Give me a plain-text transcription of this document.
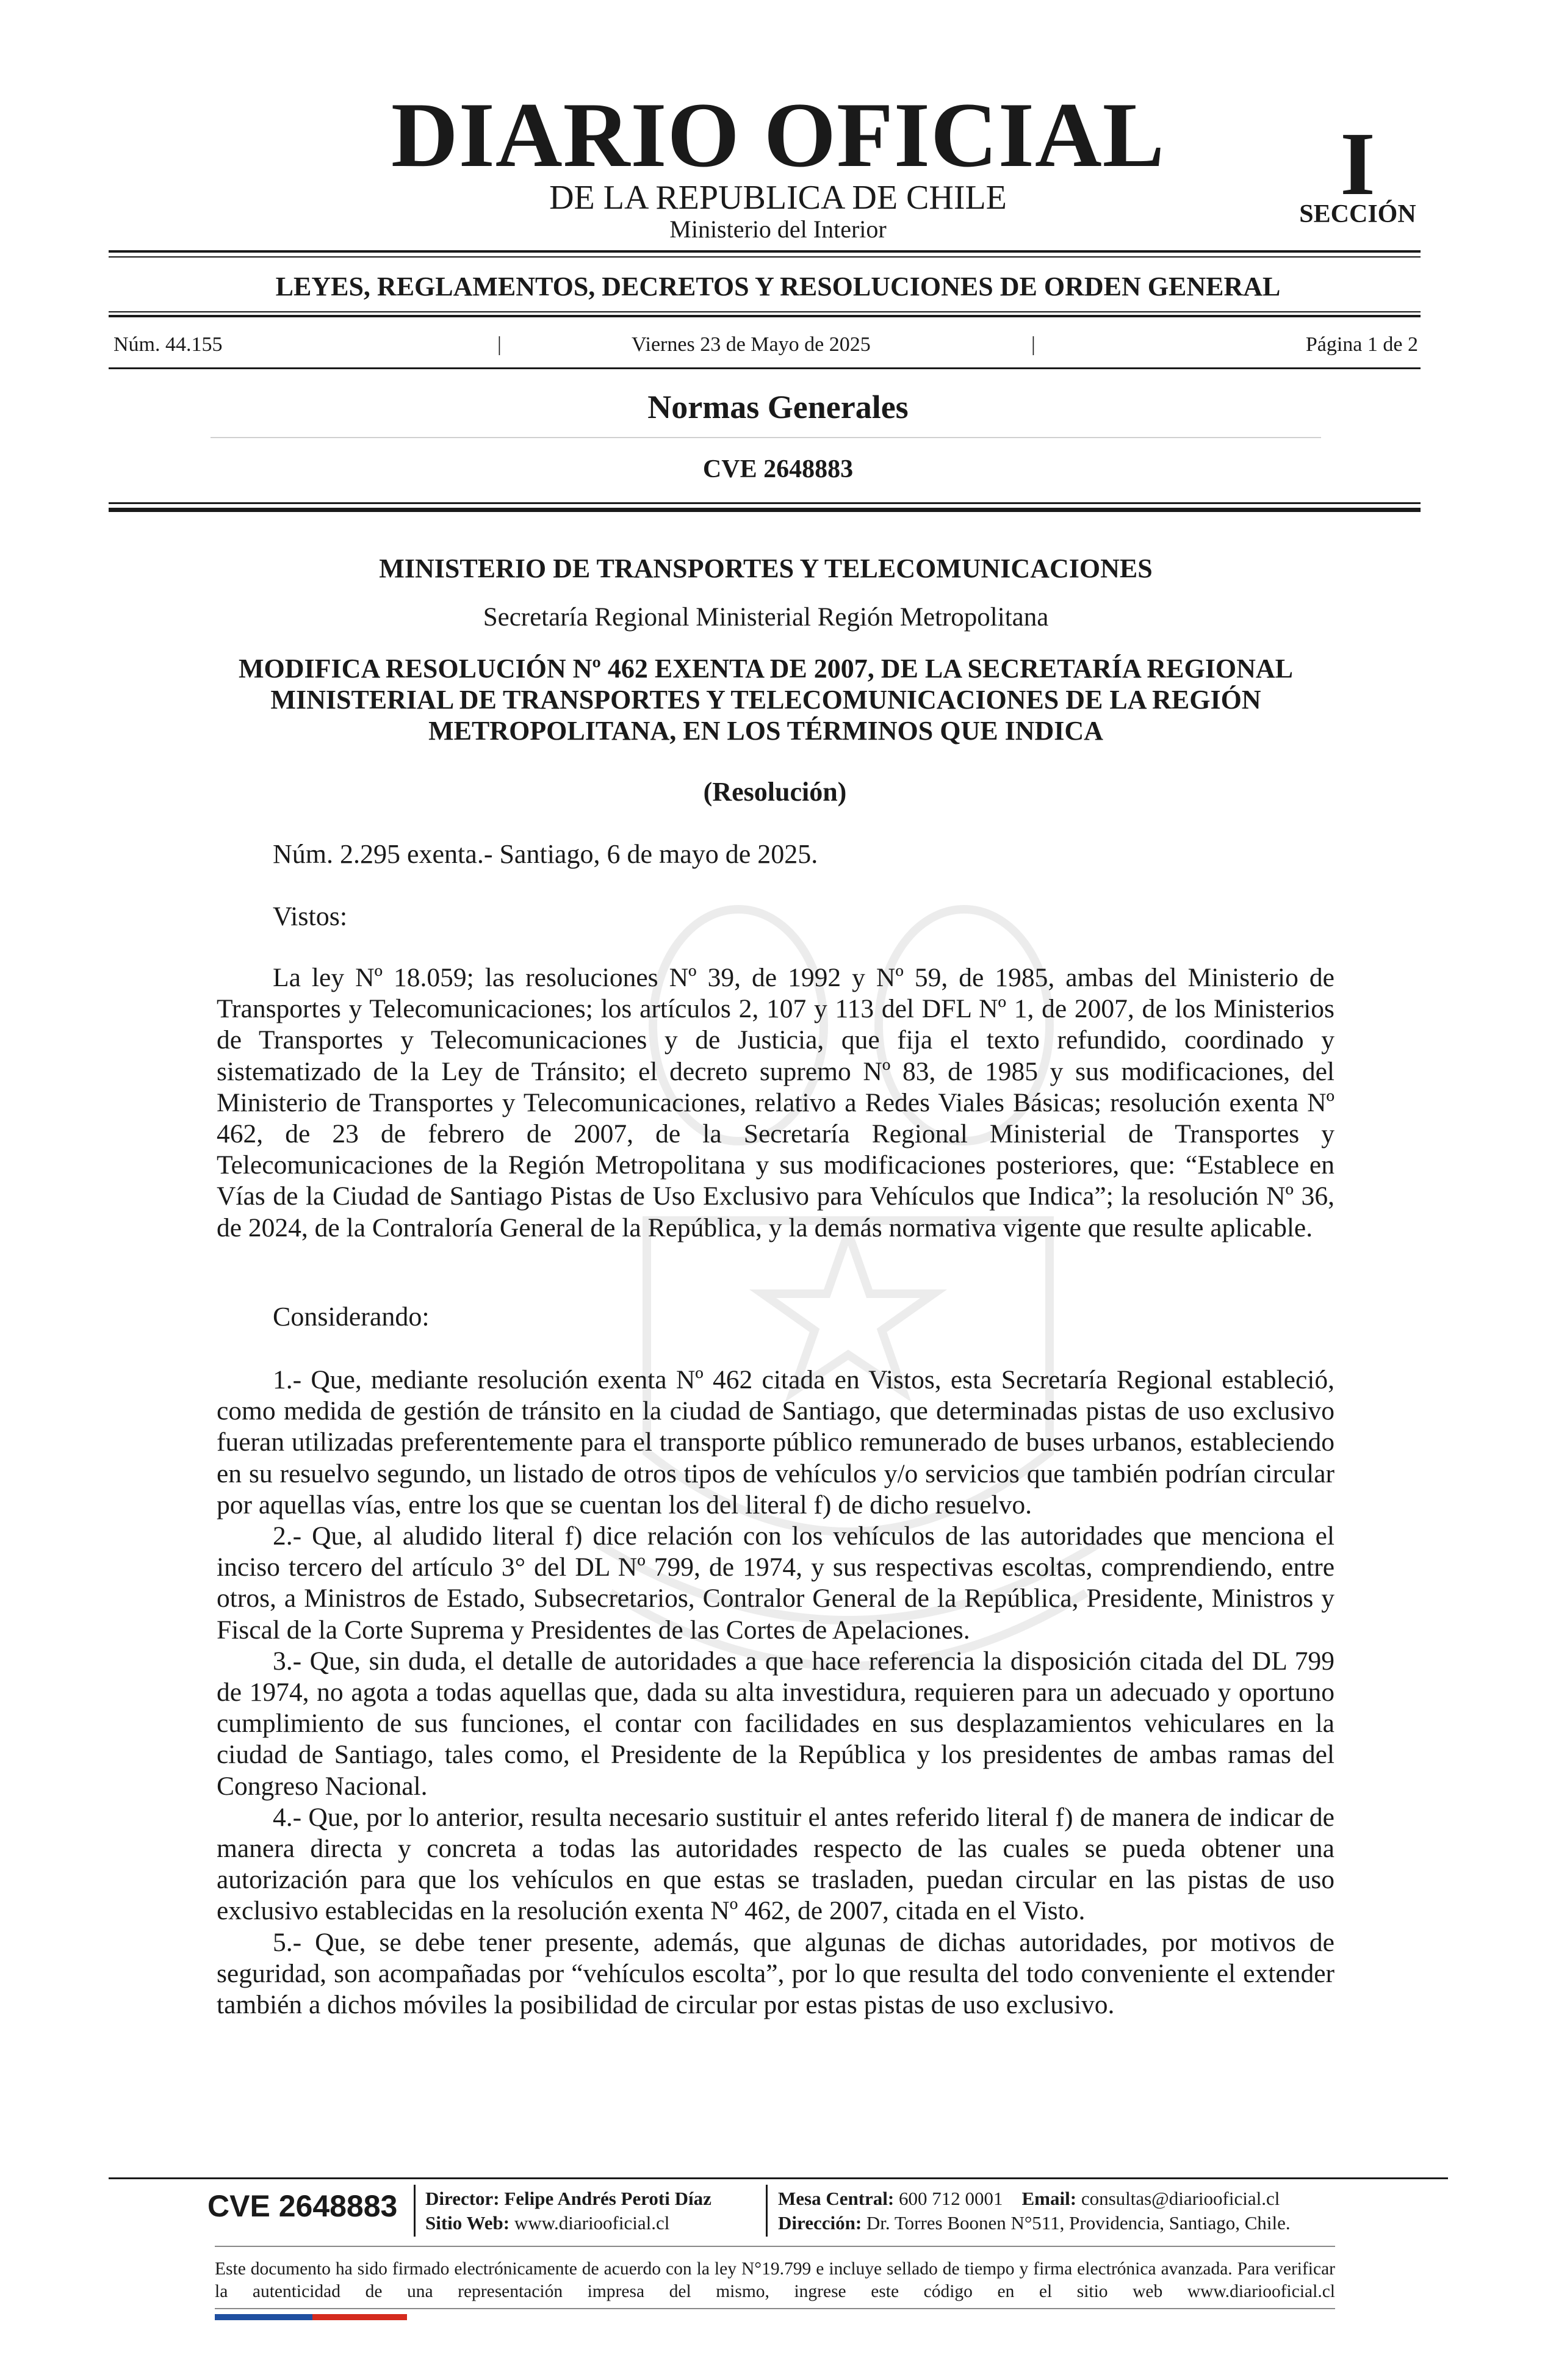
DIARIO OFICIAL
DE LA REPUBLICA DE CHILE
Ministerio del Interior
I
SECCIÓN
LEYES, REGLAMENTOS, DECRETOS Y RESOLUCIONES DE ORDEN GENERAL
Núm. 44.155	|	Viernes 23 de Mayo de 2025	|	Página 1 de 2
Normas Generales
CVE 2648883
MINISTERIO DE TRANSPORTES Y TELECOMUNICACIONES
Secretaría Regional Ministerial Región Metropolitana
MODIFICA RESOLUCIÓN Nº 462 EXENTA DE 2007, DE LA SECRETARÍA REGIONAL MINISTERIAL DE TRANSPORTES Y TELECOMUNICACIONES DE LA REGIÓN METROPOLITANA, EN LOS TÉRMINOS QUE INDICA
(Resolución)
Núm. 2.295 exenta.- Santiago, 6 de mayo de 2025.
Vistos:

La ley Nº 18.059; las resoluciones Nº 39, de 1992 y Nº 59, de 1985, ambas del Ministerio de Transportes y Telecomunicaciones; los artículos 2, 107 y 113 del DFL Nº 1, de 2007, de los Ministerios de Transportes y Telecomunicaciones y de Justicia, que fija el texto refundido, coordinado y sistematizado de la Ley de Tránsito; el decreto supremo Nº 83, de 1985 y sus modificaciones, del Ministerio de Transportes y Telecomunicaciones, relativo a Redes Viales Básicas; resolución exenta Nº 462, de 23 de febrero de 2007, de la Secretaría Regional Ministerial de Transportes y Telecomunicaciones de la Región Metropolitana y sus modificaciones posteriores, que: “Establece en Vías de la Ciudad de Santiago Pistas de Uso Exclusivo para Vehículos que Indica”; la resolución Nº 36, de 2024, de la Contraloría General de la República, y la demás normativa vigente que resulte aplicable.

Considerando:

1.- Que, mediante resolución exenta Nº 462 citada en Vistos, esta Secretaría Regional estableció, como medida de gestión de tránsito en la ciudad de Santiago, que determinadas pistas de uso exclusivo fueran utilizadas preferentemente para el transporte público remunerado de buses urbanos, estableciendo en su resuelvo segundo, un listado de otros tipos de vehículos y/o servicios que también podrían circular por aquellas vías, entre los que se cuentan los del literal f) de dicho resuelvo.

2.- Que, al aludido literal f) dice relación con los vehículos de las autoridades que menciona el inciso tercero del artículo 3° del DL Nº 799, de 1974, y sus respectivas escoltas, comprendiendo, entre otros, a Ministros de Estado, Subsecretarios, Contralor General de la República, Presidente, Ministros y Fiscal de la Corte Suprema y Presidentes de las Cortes de Apelaciones.

3.- Que, sin duda, el detalle de autoridades a que hace referencia la disposición citada del DL 799 de 1974, no agota a todas aquellas que, dada su alta investidura, requieren para un adecuado y oportuno cumplimiento de sus funciones, el contar con facilidades en sus desplazamientos vehiculares en la ciudad de Santiago, tales como, el Presidente de la República y los presidentes de ambas ramas del Congreso Nacional.

4.- Que, por lo anterior, resulta necesario sustituir el antes referido literal f) de manera de indicar de manera directa y concreta a todas las autoridades respecto de las cuales se pueda obtener una autorización para que los vehículos en que estas se trasladen, puedan circular en las pistas de uso exclusivo establecidas en la resolución exenta Nº 462, de 2007, citada en el Visto.

5.- Que, se debe tener presente, además, que algunas de dichas autoridades, por motivos de seguridad, son acompañadas por “vehículos escolta”, por lo que resulta del todo conveniente el extender también a dichos móviles la posibilidad de circular por estas pistas de uso exclusivo.

CVE 2648883 Director: Felipe Andrés Peroti Díaz
Sitio Web: www.diariooficial.cl
Mesa Central: 600 712 0001 Email: consultas@diariooficial.cl
Dirección: Dr. Torres Boonen N°511, Providencia, Santiago, Chile.
Este documento ha sido firmado electrónicamente de acuerdo con la ley N°19.799 e incluye sellado de tiempo y firma electrónica avanzada. Para verificar la autenticidad de una representación impresa del mismo, ingrese este código en el sitio web www.diariooficial.cl
